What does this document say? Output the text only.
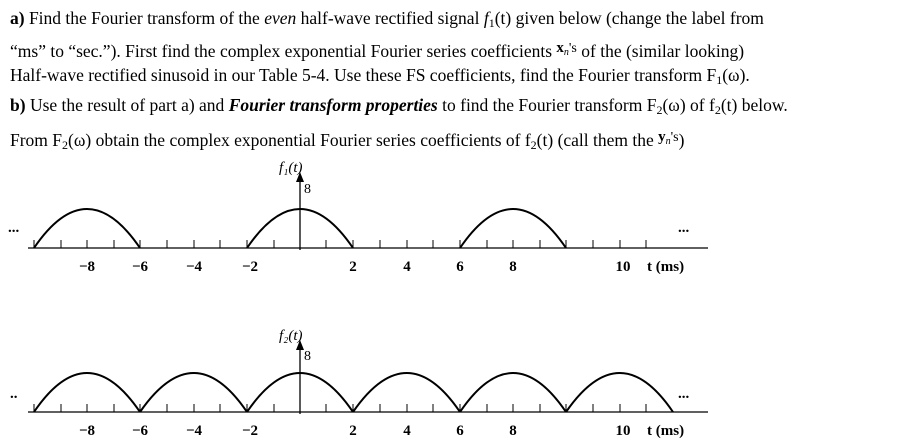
a) Find the Fourier transform of the even half-wave rectified signal $f_1(t)$ given below (change the label from
“ms” to “sec.”). First find the complex exponential Fourier series coefficients $x_n's$ of the (similar looking)
Half-wave rectified sinusoid in our Table 5-4. Use these FS coefficients, find the Fourier transform $F_1(\omega)$.
b) Use the result of part a) and Fourier transform properties to find the Fourier transform $F_2(\omega)$ of $f_2(t)$ below.
From $F_2(\omega)$ obtain the complex exponential Fourier series coefficients of $f_2(t)$ (call them the $y_n's$)
...	...
f₁(t)
8
−8 −6	−4	−2	2	4	6	8	10 t (ms)
..	...
f₂(t)
8
−8 −6	−4	−2	2	4	6	8	10 t (ms)
